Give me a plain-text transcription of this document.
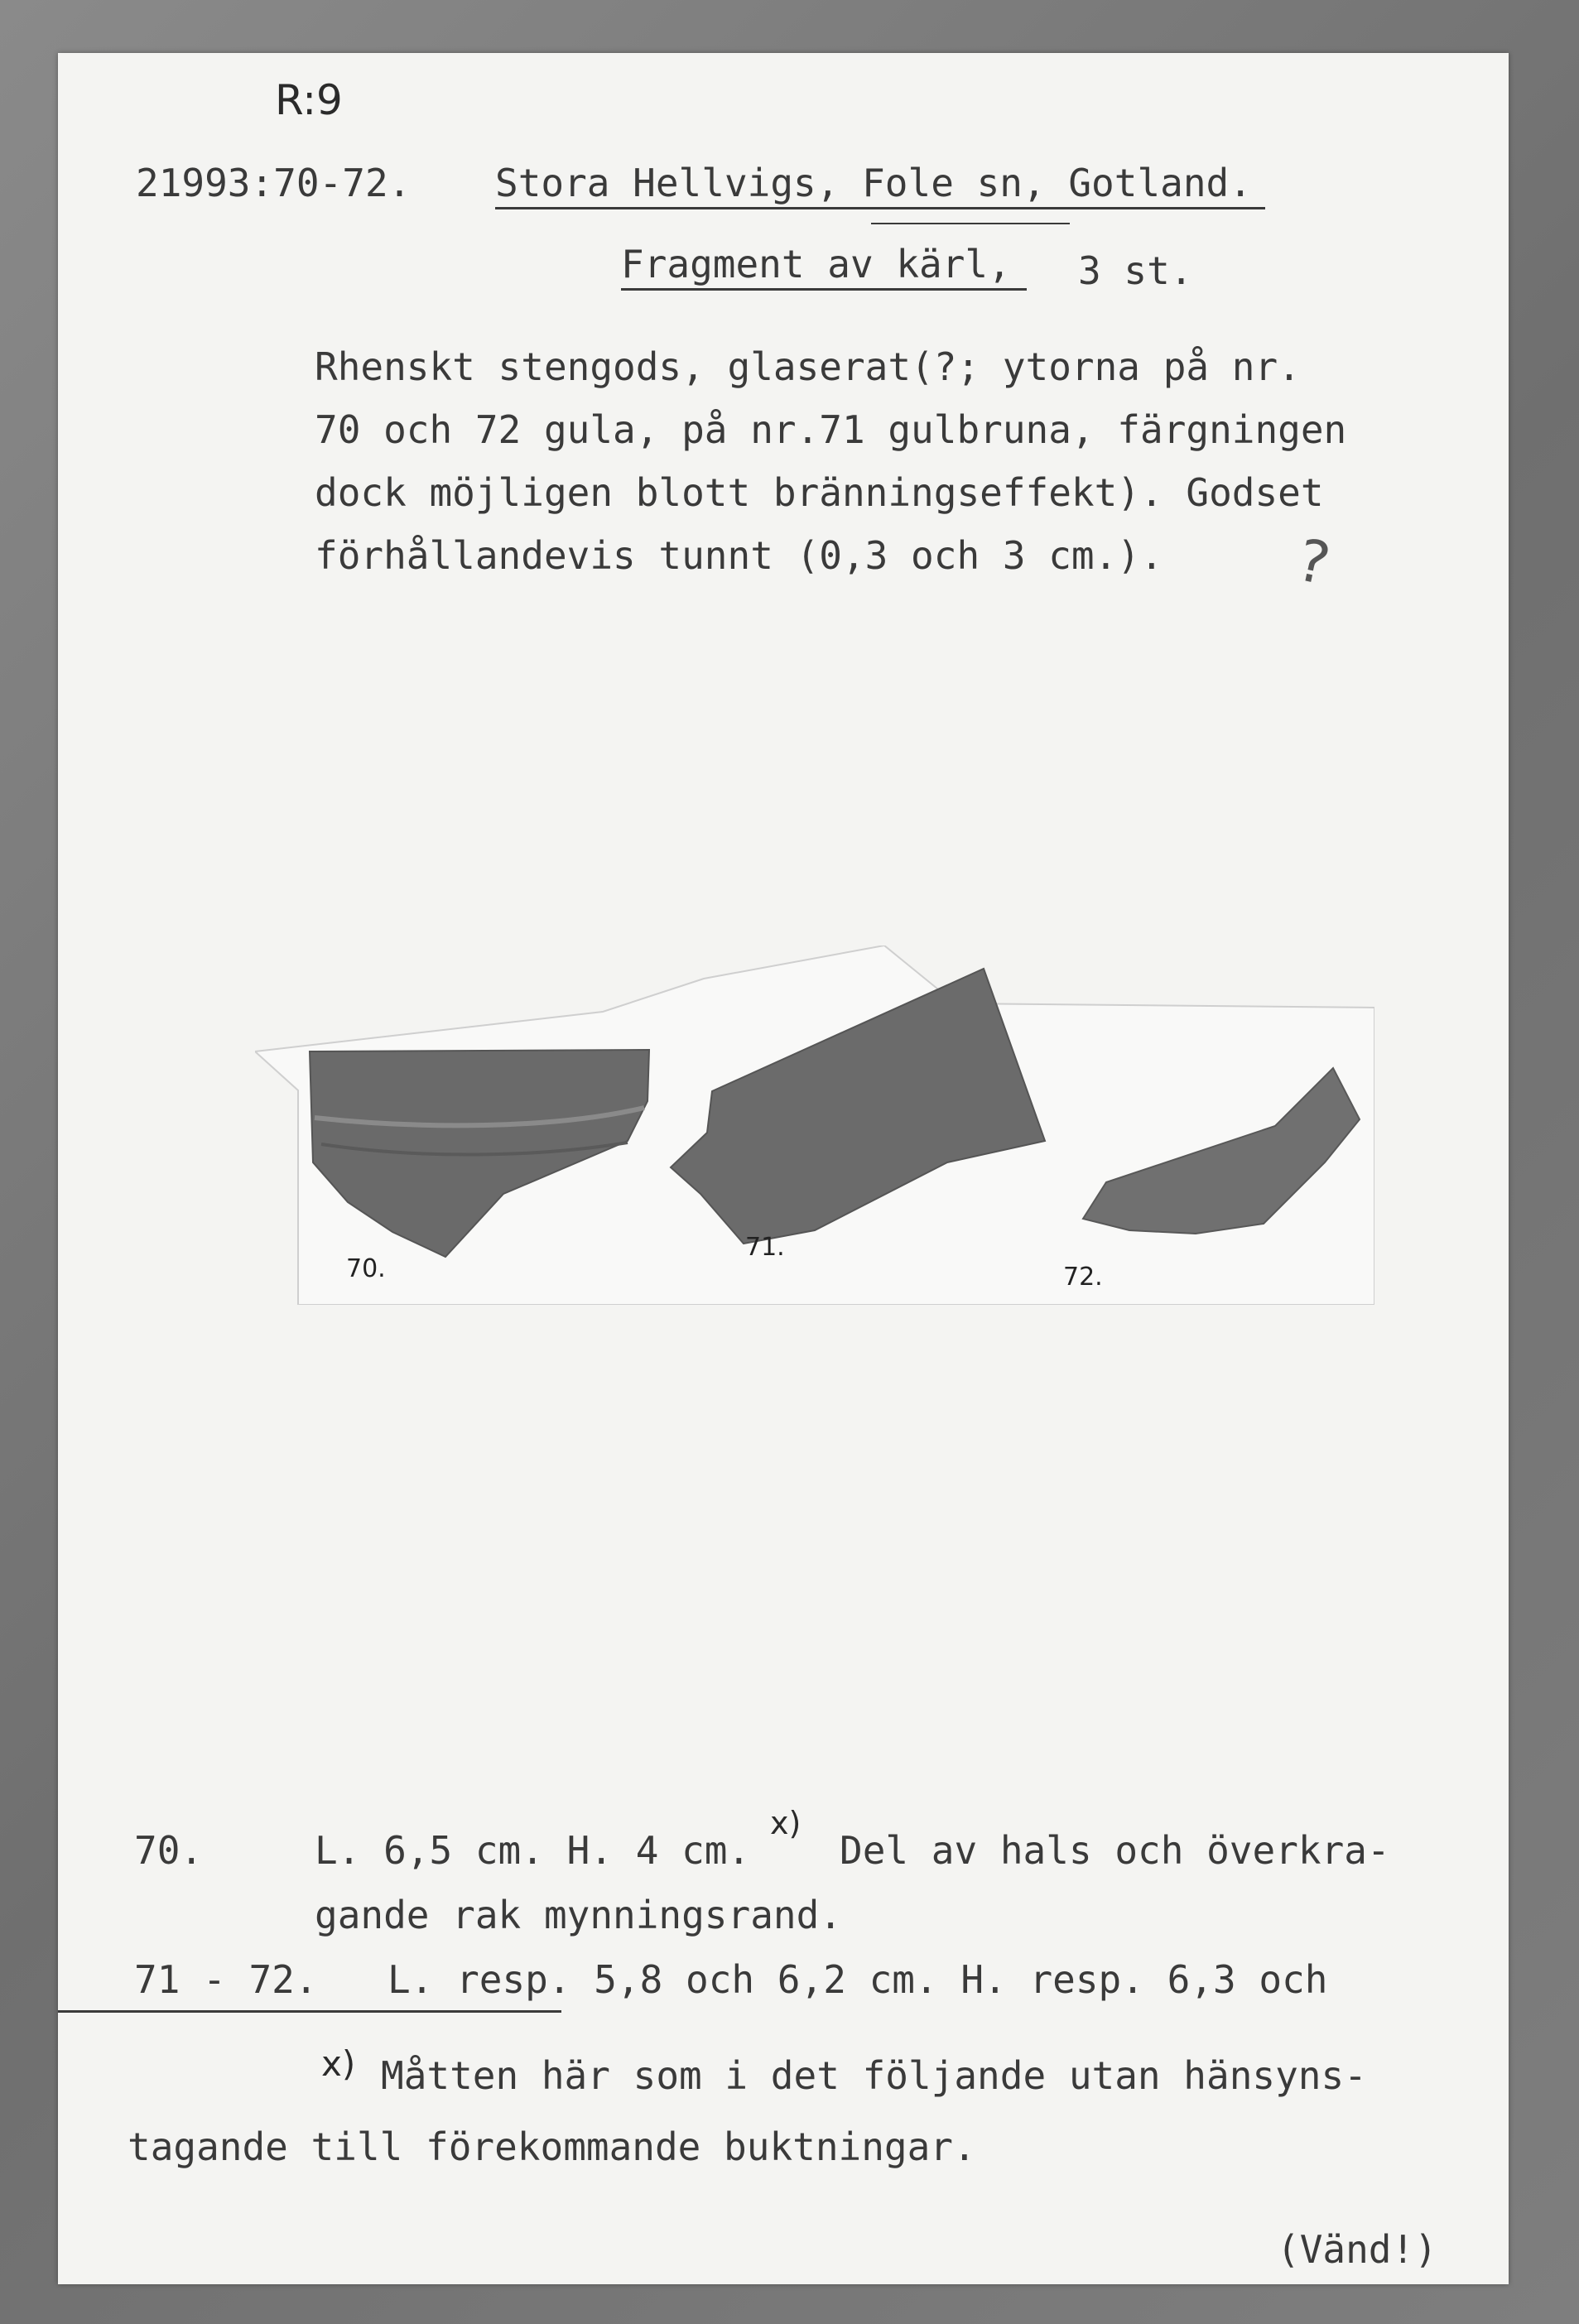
R:9
21993:70-72. Stora Hellvigs, Fole sn, Gotland.
Fragment av kärl, 3 st.
Rhenskt stengods, glaserat(?; ytorna på nr.
70 och 72 gula, på nr.71 gulbruna, färgningen
dock möjligen blott bränningseffekt). Godset
förhållandevis tunnt (0,3 och 3 cm.). ?
70.
71.
72.
70.	L. 6,5 cm. H. 4 cm.
x)
Del av hals och överkra-
gande rak mynningsrand.
71 - 72. L. resp. 5,8 och 6,2 cm. H. resp. 6,3 och
x) Måtten här som i det följande utan hänsyns-
tagande till förekommande buktningar.
(Vänd!)
